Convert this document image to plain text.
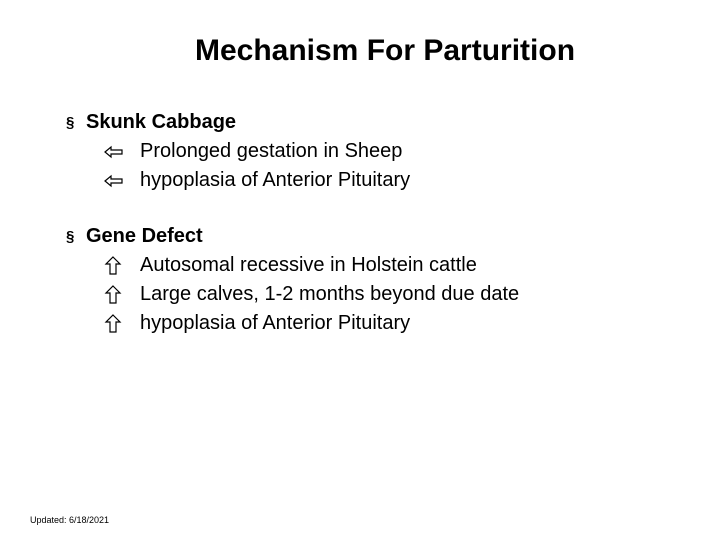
Mechanism For Parturition
§ Skunk Cabbage
Prolonged gestation in Sheep
hypoplasia of Anterior Pituitary
§ Gene Defect
Autosomal recessive in Holstein cattle
Large calves, 1-2 months beyond due date
hypoplasia of Anterior Pituitary
Updated: 6/18/2021
